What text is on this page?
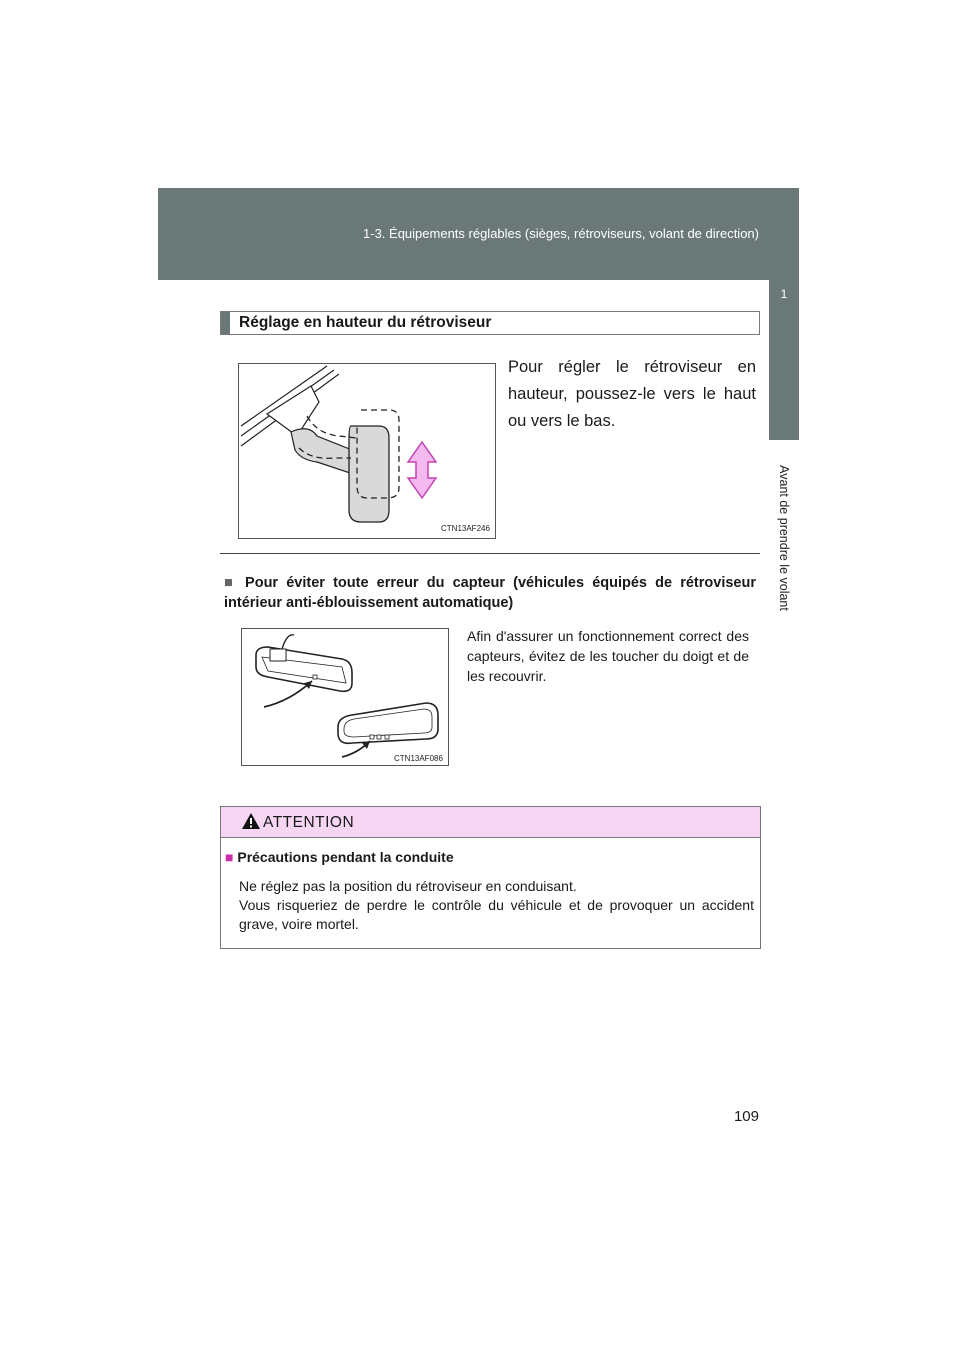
1-3. Équipements réglables (sièges, rétroviseurs, volant de direction)
1
Avant de prendre le volant
Réglage en hauteur du rétroviseur
CTN13AF246
Pour régler le rétroviseur en hauteur, poussez-le vers le haut ou vers le bas.
■ Pour éviter toute erreur du capteur (véhicules équipés de rétroviseur intérieur anti-éblouissement automatique)
CTN13AF086
Afin d'assurer un fonctionnement correct des capteurs, évitez de les toucher du doigt et de les recouvrir.
ATTENTION
■ Précautions pendant la conduite
Ne réglez pas la position du rétroviseur en conduisant.
Vous risqueriez de perdre le contrôle du véhicule et de provoquer un accident grave, voire mortel.
109
